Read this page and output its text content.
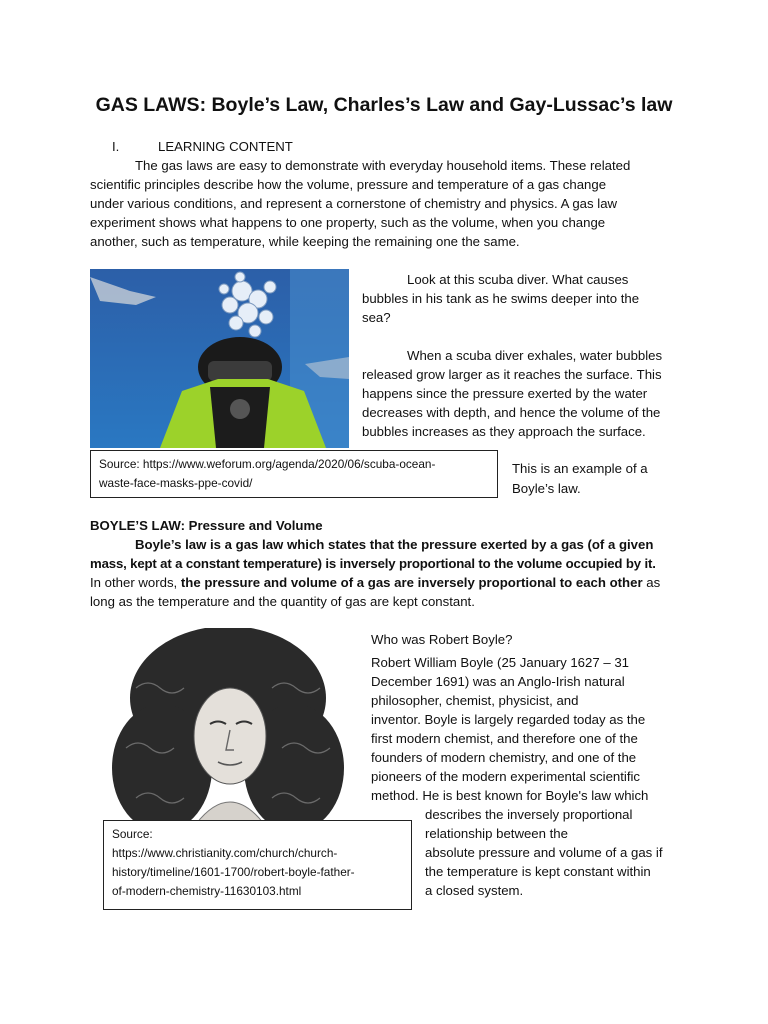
GAS LAWS: Boyle’s Law, Charles’s Law and Gay-Lussac’s law
I.	LEARNING CONTENT
The gas laws are easy to demonstrate with everyday household items. These related
scientific principles describe how the volume, pressure and temperature of a gas change
under various conditions, and represent a cornerstone of chemistry and physics. A gas law
experiment shows what happens to one property, such as the volume, when you change
another, such as temperature, while keeping the remaining one the same.
Look at this scuba diver. What causes
bubbles in his tank as he swims deeper into the
sea?
When a scuba diver exhales, water bubbles
released grow larger as it reaches the surface. This
happens since the pressure exerted by the water
decreases with depth, and hence the volume of the
bubbles increases as they approach the surface.
Source: https://www.weforum.org/agenda/2020/06/scuba-ocean-
waste-face-masks-ppe-covid/
This is an example of a
Boyle’s law.
BOYLE’S LAW: Pressure and Volume
Boyle’s law is a gas law which states that the pressure exerted by a gas (of a given
mass, kept at a constant temperature) is inversely proportional to the volume occupied by it.
In other words, the pressure and volume of a gas are inversely proportional to each other as
long as the temperature and the quantity of gas are kept constant.
Who was Robert Boyle?
Robert William Boyle (25 January 1627 – 31
December 1691) was an Anglo-Irish natural
philosopher, chemist, physicist, and
inventor. Boyle is largely regarded today as the
first modern chemist, and therefore one of the
founders of modern chemistry, and one of the
pioneers of the modern experimental scientific
method. He is best known for Boyle's law which
describes the inversely proportional
relationship between the
absolute pressure and volume of a gas if
the temperature is kept constant within
a closed system.
Source:
https://www.christianity.com/church/church-
history/timeline/1601-1700/robert-boyle-father-
of-modern-chemistry-11630103.html
